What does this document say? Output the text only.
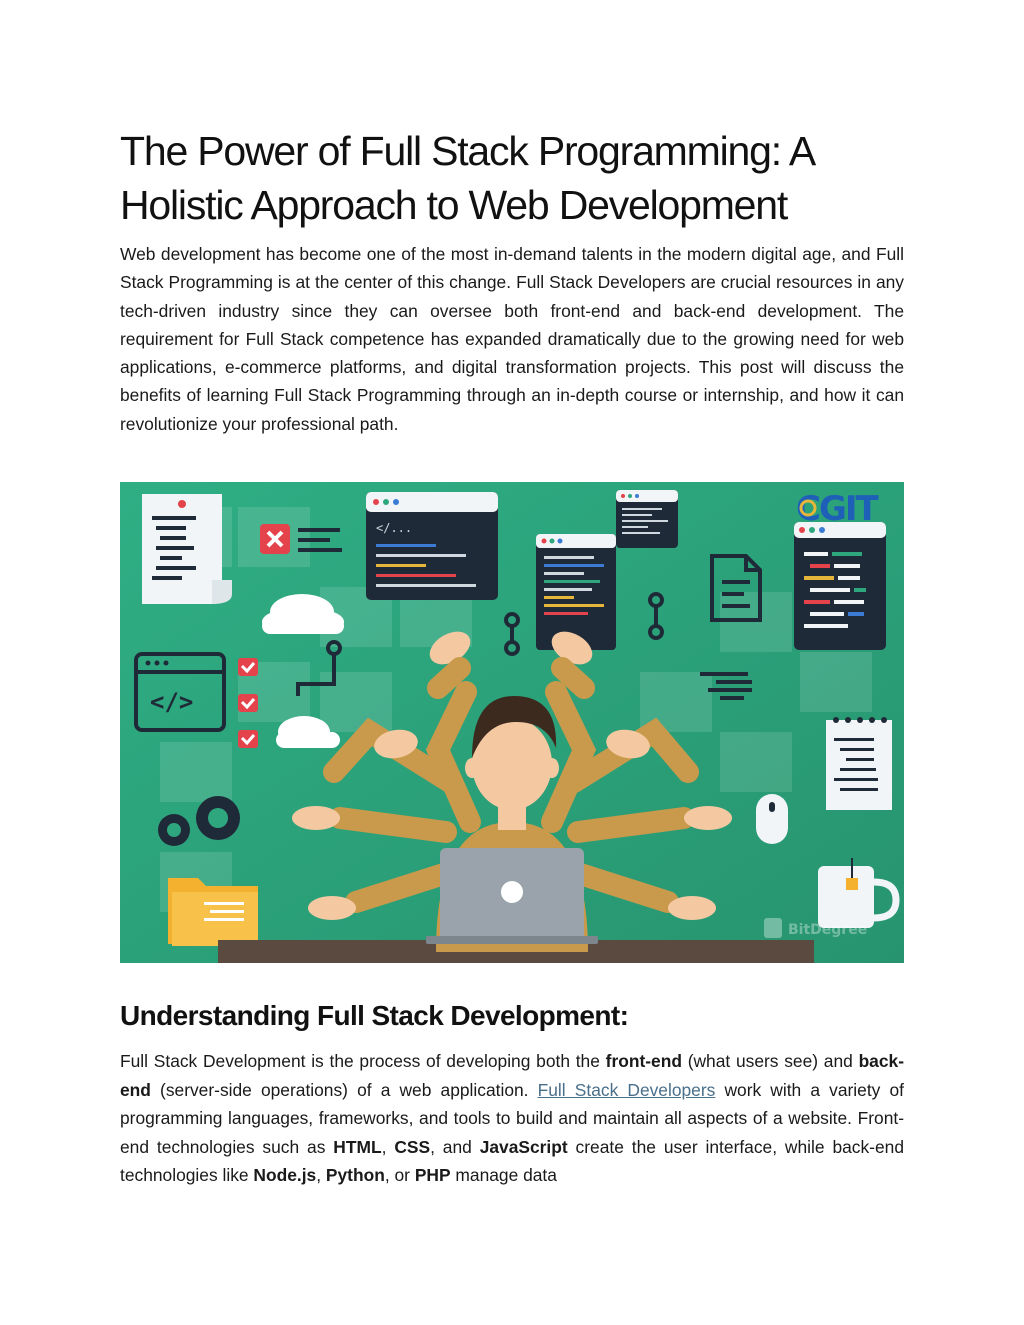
The Power of Full Stack Programming: A Holistic Approach to Web Development

Web development has become one of the most in-demand talents in the modern digital age, and Full Stack Programming is at the center of this change. Full Stack Developers are crucial resources in any tech-driven industry since they can oversee both front-end and back-end development. The requirement for Full Stack competence has expanded dramatically due to the growing need for web applications, e-commerce platforms, and digital transformation projects. This post will discuss the benefits of learning Full Stack Programming through an in-depth course or internship, and how it can revolutionize your professional path.

</...	CGIT
</>
BitDegree
Understanding Full Stack Development:

Full Stack Development is the process of developing both the front-end (what users see) and back-end (server-side operations) of a web application. Full Stack Developers work with a variety of programming languages, frameworks, and tools to build and maintain all aspects of a website. Front-end technologies such as HTML, CSS, and JavaScript create the user interface, while back-end technologies like Node.js, Python, or PHP manage data
